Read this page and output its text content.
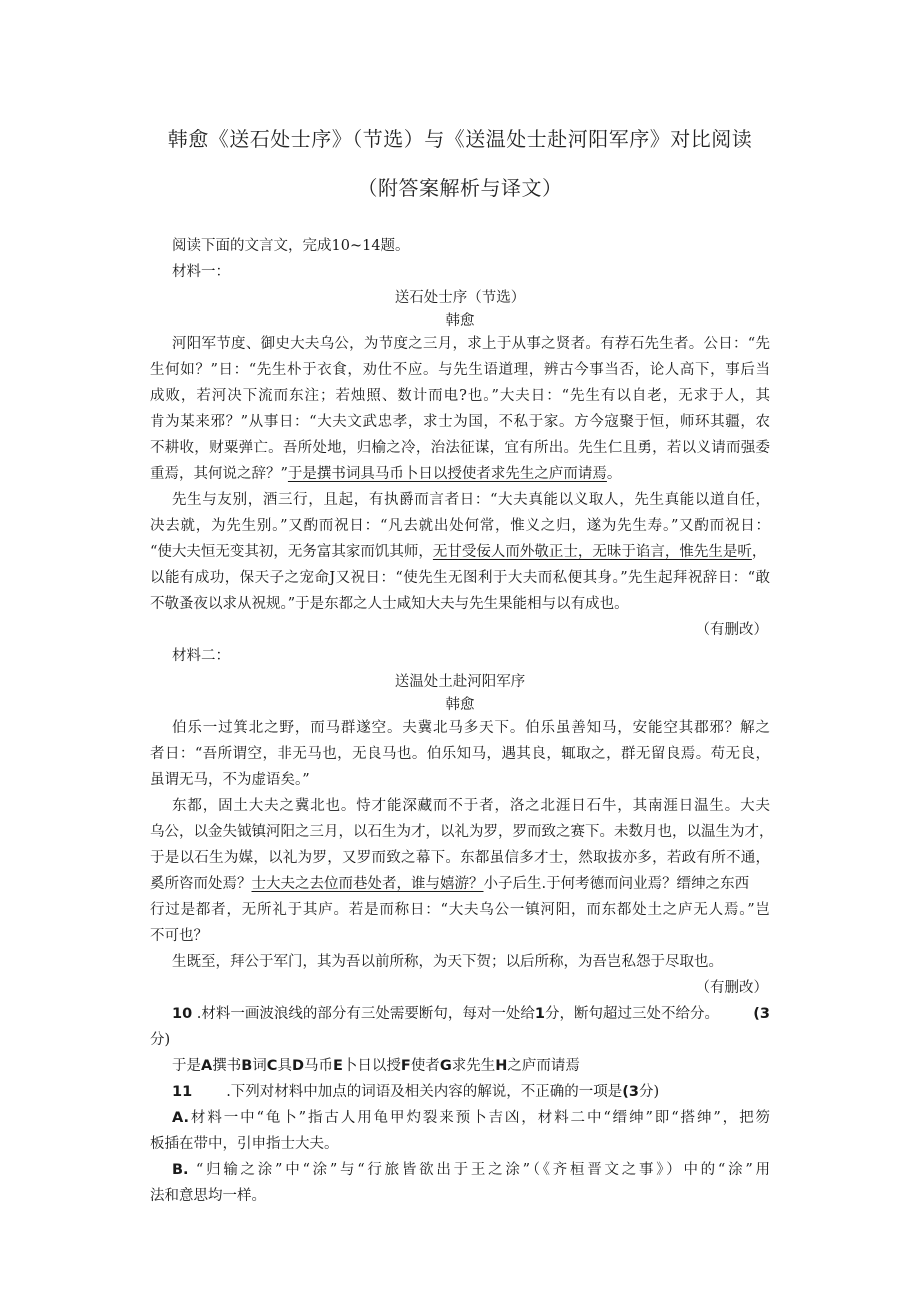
韩愈《送石处士序》（节选）与《送温处士赴河阳军序》对比阅读
（附答案解析与译文）
阅读下面的文言文，完成10~14题。
材料一：
送石处士序（节选）
韩愈
河阳军节度、御史大夫乌公，为节度之三月，求上于从事之贤者。有荐石先生者。公日：“先
生何如？”日：“先生朴于衣食，劝仕不应。与先生语道理，辨古今事当否，论人高下，事后当
成败，若河决下流而东注；若烛照、数计而电?也。”大夫日：“先生有以自老，无求于人，其
肯为某来邪？”从事日：“大夫文武忠孝，求士为国，不私于家。方今寇聚于恒，师环其疆，农
不耕收，财粟弹亡。吾所处地，归榆之冷，治法征谋，宜有所出。先生仁且勇，若以义请而强委
重焉，其何说之辞？”于是撰书词具马币卜日以授使者求先生之庐而请焉。
先生与友别，酒三行，且起，有执爵而言者日：“大夫真能以义取人，先生真能以道自任，
决去就，为先生别。”又酌而祝日：“凡去就出处何常，惟义之归，遂为先生寿。”又酌而祝日：
“使大夫恒无变其初，无务富其家而饥其师，无甘受佞人而外敬正士，无昧于谄言，惟先生是听，
以能有成功，保天子之宠命J又祝日：“使先生无图利于大夫而私便其身。”先生起拜祝辞日：“敢
不敬蚤夜以求从祝规。”于是东都之人士咸知大夫与先生果能相与以有成也。
（有删改）
材料二：
送温处土赴河阳军序
韩愈
伯乐一过箕北之野，而马群遂空。夫冀北马多天下。伯乐虽善知马，安能空其郡邪？解之
者日：“吾所谓空，非无马也，无良马也。伯乐知马，遇其良，辄取之，群无留良焉。苟无良，
虽谓无马，不为虚语矣。”
东都，固土大夫之冀北也。恃才能深藏而不于者，洛之北涯日石牛，其南涯日温生。大夫
乌公，以金失钺镇河阳之三月，以石生为才，以礼为罗，罗而致之赛下。未数月也，以温生为才，
于是以石生为媒，以礼为罗，又罗而致之幕下。东都虽信多才士，然取拔亦多，若政有所不通，
奚所咨而处焉？士大夫之去位而巷处者，谁与嬉游？小子后生.于何考德而问业焉？缙绅之东西
行过是都者，无所礼于其庐。若是而称日：“大夫乌公一镇河阳，而东都处土之庐无人焉。”岂
不可也？
生既至，拜公于军门，其为吾以前所称，为天下贺；以后所称，为吾岂私怨于尽取也。
（有删改）
10 .材料一画波浪线的部分有三处需要断句，每对一处给1分，断句超过三处不给分。 (3
分)
于是A撰书B词C具D马币E卜日以授F使者G求先生H之庐而请焉
11 .下列对材料中加点的词语及相关内容的解说，不正确的一项是(3分)
A.材料一中“龟卜”指古人用龟甲灼裂来预卜吉凶，材料二中“缙绅”即“搭绅”，把笏
板插在带中，引申指士大夫。
B. “归输之涂”中“涂”与“行旅皆欲出于王之涂”（《齐桓晋文之事》）中的“涂”用
法和意思均一样。
